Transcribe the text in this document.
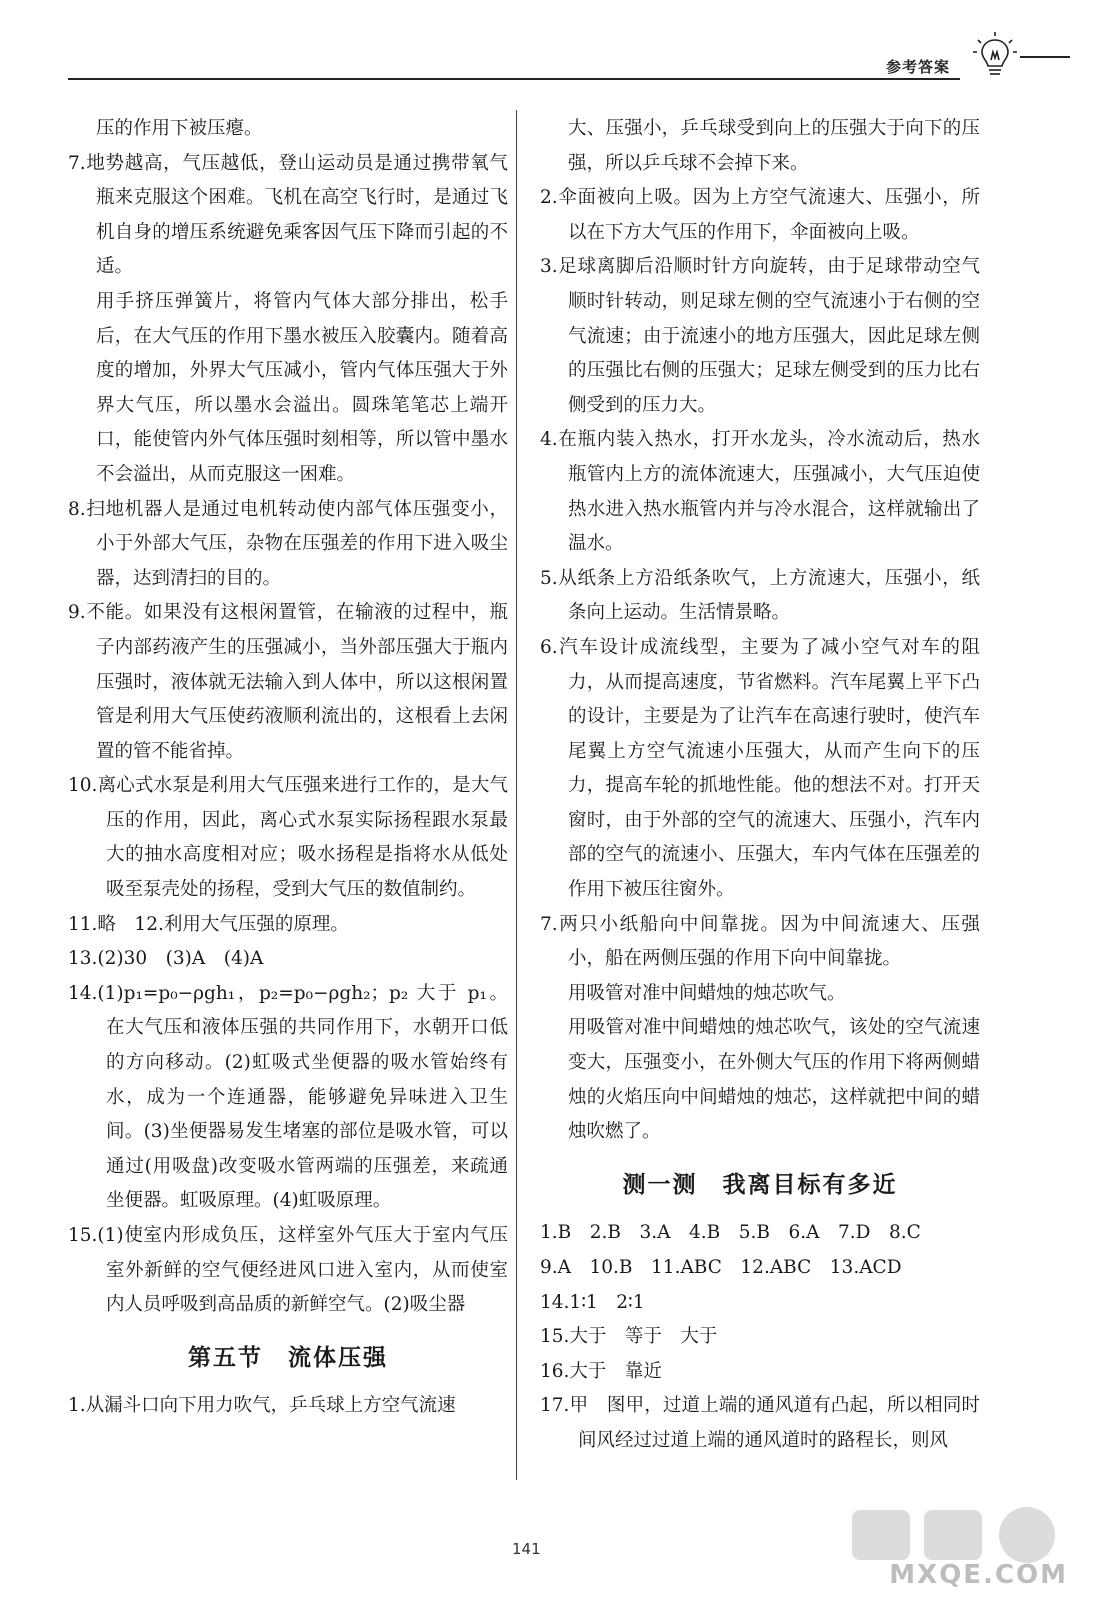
参考答案
压的作用下被压瘪。
7.地势越高，气压越低，登山运动员是通过携带氧气瓶来克服这个困难。飞机在高空飞行时，是通过飞机自身的增压系统避免乘客因气压下降而引起的不适。
用手挤压弹簧片，将管内气体大部分排出，松手后，在大气压的作用下墨水被压入胶囊内。随着高度的增加，外界大气压减小，管内气体压强大于外界大气压，所以墨水会溢出。圆珠笔笔芯上端开口，能使管内外气体压强时刻相等，所以管中墨水不会溢出，从而克服这一困难。
8.扫地机器人是通过电机转动使内部气体压强变小，小于外部大气压，杂物在压强差的作用下进入吸尘器，达到清扫的目的。
9.不能。如果没有这根闲置管，在输液的过程中，瓶子内部药液产生的压强减小，当外部压强大于瓶内压强时，液体就无法输入到人体中，所以这根闲置管是利用大气压使药液顺利流出的，这根看上去闲置的管不能省掉。
10.离心式水泵是利用大气压强来进行工作的，是大气压的作用，因此，离心式水泵实际扬程跟水泵最大的抽水高度相对应；吸水扬程是指将水从低处吸至泵壳处的扬程，受到大气压的数值制约。
11.略　12.利用大气压强的原理。
13.(2)30　(3)A　(4)A
14.(1)p₁=p₀−ρgh₁，p₂=p₀−ρgh₂；p₂ 大于 p₁。在大气压和液体压强的共同作用下，水朝开口低的方向移动。(2)虹吸式坐便器的吸水管始终有水，成为一个连通器，能够避免异味进入卫生间。(3)坐便器易发生堵塞的部位是吸水管，可以通过(用吸盘)改变吸水管两端的压强差，来疏通坐便器。虹吸原理。(4)虹吸原理。
15.(1)使室内形成负压，这样室外气压大于室内气压室外新鲜的空气便经进风口进入室内，从而使室内人员呼吸到高品质的新鲜空气。(2)吸尘器
第五节　流体压强
1.从漏斗口向下用力吹气，乒乓球上方空气流速
大、压强小，乒乓球受到向上的压强大于向下的压强，所以乒乓球不会掉下来。
2.伞面被向上吸。因为上方空气流速大、压强小，所以在下方大气压的作用下，伞面被向上吸。
3.足球离脚后沿顺时针方向旋转，由于足球带动空气顺时针转动，则足球左侧的空气流速小于右侧的空气流速；由于流速小的地方压强大，因此足球左侧的压强比右侧的压强大；足球左侧受到的压力比右侧受到的压力大。
4.在瓶内装入热水，打开水龙头，冷水流动后，热水瓶管内上方的流体流速大，压强减小，大气压迫使热水进入热水瓶管内并与冷水混合，这样就输出了温水。
5.从纸条上方沿纸条吹气，上方流速大，压强小，纸条向上运动。生活情景略。
6.汽车设计成流线型，主要为了减小空气对车的阻力，从而提高速度，节省燃料。汽车尾翼上平下凸的设计，主要是为了让汽车在高速行驶时，使汽车尾翼上方空气流速小压强大，从而产生向下的压力，提高车轮的抓地性能。他的想法不对。打开天窗时，由于外部的空气的流速大、压强小，汽车内部的空气的流速小、压强大，车内气体在压强差的作用下被压往窗外。
7.两只小纸船向中间靠拢。因为中间流速大、压强小，船在两侧压强的作用下向中间靠拢。
用吸管对准中间蜡烛的烛芯吹气。
用吸管对准中间蜡烛的烛芯吹气，该处的空气流速变大，压强变小，在外侧大气压的作用下将两侧蜡烛的火焰压向中间蜡烛的烛芯，这样就把中间的蜡烛吹燃了。
测一测　我离目标有多近
1.B　2.B　3.A　4.B　5.B　6.A　7.D　8.C
9.A　10.B　11.ABC　12.ABC　13.ACD
14.1∶1　2∶1
15.大于　等于　大于
16.大于　靠近
17.甲　图甲，过道上端的通风道有凸起，所以相同时间风经过过道上端的通风道时的路程长，则风
141
MXQE.COM
